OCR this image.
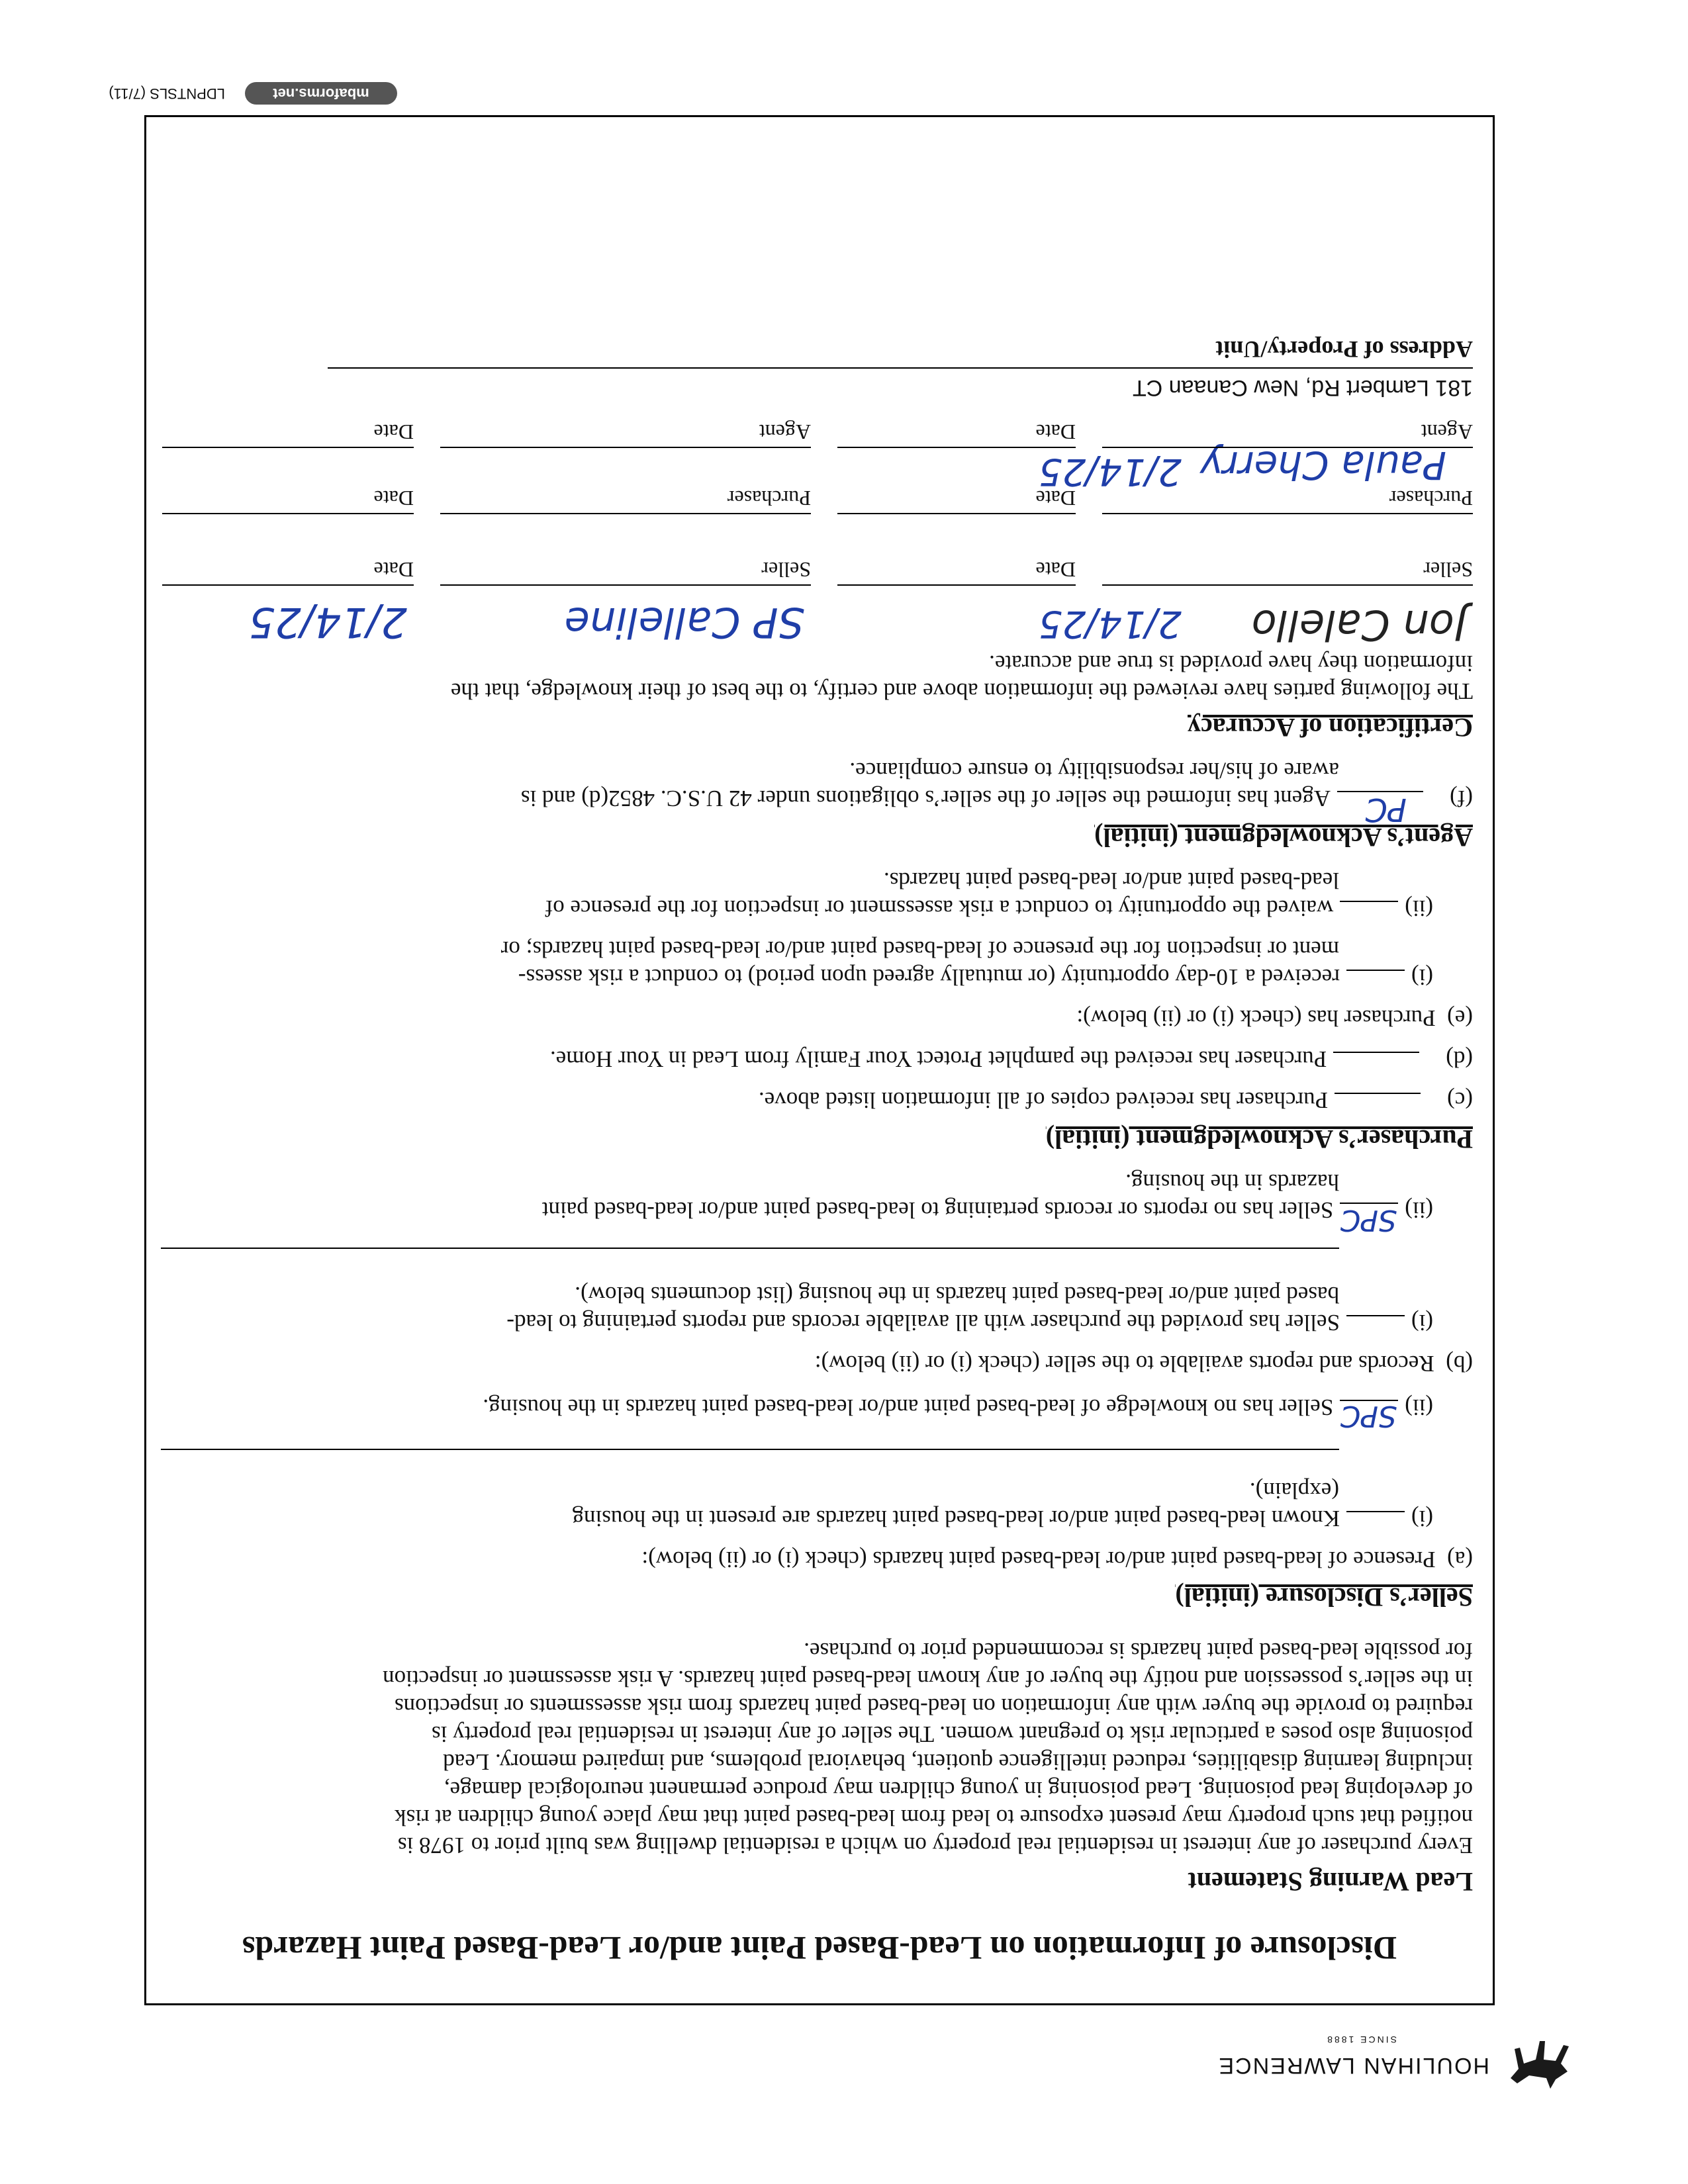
HOULIHAN LAWRENCE
SINCE 1888
Disclosure of Information on Lead-Based Paint and/or Lead-Based Paint Hazards
Lead Warning Statement
Every purchaser of any interest in residential real property on which a residential dwelling was built prior to 1978 is
notified that such property may present exposure to lead from lead-based paint that may place young children at risk
of developing lead poisoning. Lead poisoning in young children may produce permanent neurological damage,
including learning disabilities, reduced intelligence quotient, behavioral problems, and impaired memory. Lead
poisoning also poses a particular risk to pregnant women. The seller of any interest in residential real property is
required to provide the buyer with any information on lead-based paint hazards from risk assessments or inspections
in the seller’s possession and notify the buyer of any known lead-based paint hazards. A risk assessment or inspection
for possible lead-based paint hazards is recommended prior to purchase.
Seller’s Disclosure (initial)
(a)  Presence of lead-based paint and/or lead-based paint hazards (check (i) or (ii) below):
(i)Known lead-based paint and/or lead-based paint hazards are present in the housing
(explain).
(ii)Seller has no knowledge of lead-based paint and/or lead-based paint hazards in the housing. SPC
(b)  Records and reports available to the seller (check (i) or (ii) below):
(i)Seller has provided the purchaser with all available records and reports pertaining to lead-
based paint and/or lead-based paint hazards in the housing (list documents below).
(ii)Seller has no reports or records pertaining to lead-based paint and/or lead-based paint
hazards in the housing.
SPC
Purchaser’s Acknowledgment (initial)
(c)Purchaser has received copies of all information listed above.
(d)Purchaser has received the pamphlet Protect Your Family from Lead in Your Home.
(e)  Purchaser has (check (i) or (ii) below):
(i)received a 10-day opportunity (or mutually agreed upon period) to conduct a risk assess-
ment or inspection for the presence of lead-based paint and/or lead-based paint hazards; or
(ii)waived the opportunity to conduct a risk assessment or inspection for the presence of
lead-based paint and/or lead-based paint hazards.
Agent’s Acknowledgment (initial)
(f)Agent has informed the seller of the seller’s obligations under 42 U.S.C. 4852(d) and is
aware of his/her responsibility to ensure compliance.
PC
Certification of Accuracy
The following parties have reviewed the information above and certify, to the best of their knowledge, that the
information they have provided is true and accurate.
Jon Calello
2/14/25
SP Calleline
2/14/25
Seller
Date
Seller
Date
Purchaser
Date
Purchaser
Date
Paula Cherry
2/14/25
Agent
Date
Agent
Date
181 Lambert Rd, New Canaan CT
Address of Property/Unit
mbaforms.net
LDPNTSLS (7/11)
